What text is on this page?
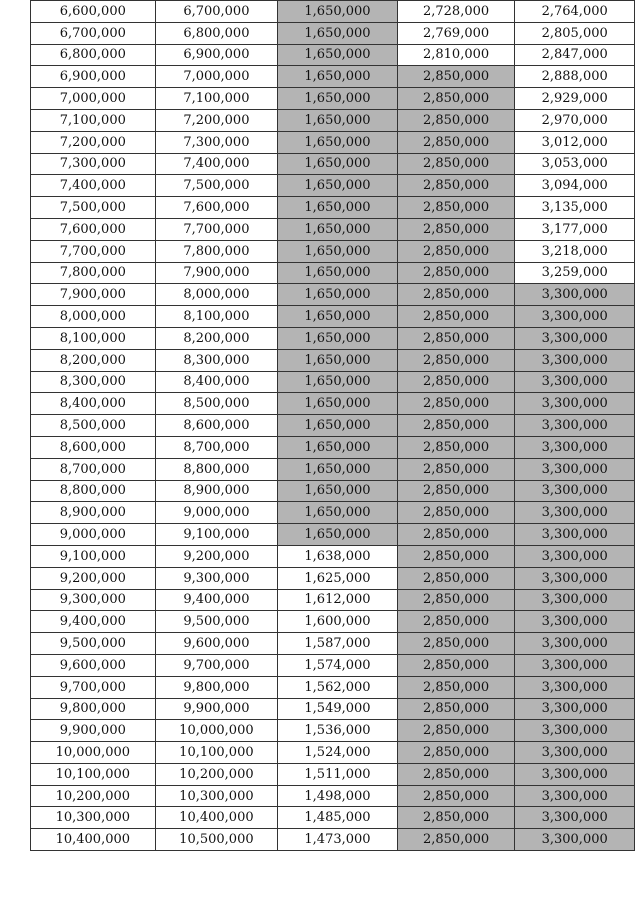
6,600,000	6,700,000	1,650,000	2,728,000	2,764,000
6,700,000	6,800,000	1,650,000	2,769,000	2,805,000
6,800,000	6,900,000	1,650,000	2,810,000	2,847,000
6,900,000	7,000,000	1,650,000	2,850,000	2,888,000
7,000,000	7,100,000	1,650,000	2,850,000	2,929,000
7,100,000	7,200,000	1,650,000	2,850,000	2,970,000
7,200,000	7,300,000	1,650,000	2,850,000	3,012,000
7,300,000	7,400,000	1,650,000	2,850,000	3,053,000
7,400,000	7,500,000	1,650,000	2,850,000	3,094,000
7,500,000	7,600,000	1,650,000	2,850,000	3,135,000
7,600,000	7,700,000	1,650,000	2,850,000	3,177,000
7,700,000	7,800,000	1,650,000	2,850,000	3,218,000
7,800,000	7,900,000	1,650,000	2,850,000	3,259,000
7,900,000	8,000,000	1,650,000	2,850,000	3,300,000
8,000,000	8,100,000	1,650,000	2,850,000	3,300,000
8,100,000	8,200,000	1,650,000	2,850,000	3,300,000
8,200,000	8,300,000	1,650,000	2,850,000	3,300,000
8,300,000	8,400,000	1,650,000	2,850,000	3,300,000
8,400,000	8,500,000	1,650,000	2,850,000	3,300,000
8,500,000	8,600,000	1,650,000	2,850,000	3,300,000
8,600,000	8,700,000	1,650,000	2,850,000	3,300,000
8,700,000	8,800,000	1,650,000	2,850,000	3,300,000
8,800,000	8,900,000	1,650,000	2,850,000	3,300,000
8,900,000	9,000,000	1,650,000	2,850,000	3,300,000
9,000,000	9,100,000	1,650,000	2,850,000	3,300,000
9,100,000	9,200,000	1,638,000	2,850,000	3,300,000
9,200,000	9,300,000	1,625,000	2,850,000	3,300,000
9,300,000	9,400,000	1,612,000	2,850,000	3,300,000
9,400,000	9,500,000	1,600,000	2,850,000	3,300,000
9,500,000	9,600,000	1,587,000	2,850,000	3,300,000
9,600,000	9,700,000	1,574,000	2,850,000	3,300,000
9,700,000	9,800,000	1,562,000	2,850,000	3,300,000
9,800,000	9,900,000	1,549,000	2,850,000	3,300,000
9,900,000	10,000,000	1,536,000	2,850,000	3,300,000
10,000,000	10,100,000	1,524,000	2,850,000	3,300,000
10,100,000	10,200,000	1,511,000	2,850,000	3,300,000
10,200,000	10,300,000	1,498,000	2,850,000	3,300,000
10,300,000	10,400,000	1,485,000	2,850,000	3,300,000
10,400,000	10,500,000	1,473,000	2,850,000	3,300,000
